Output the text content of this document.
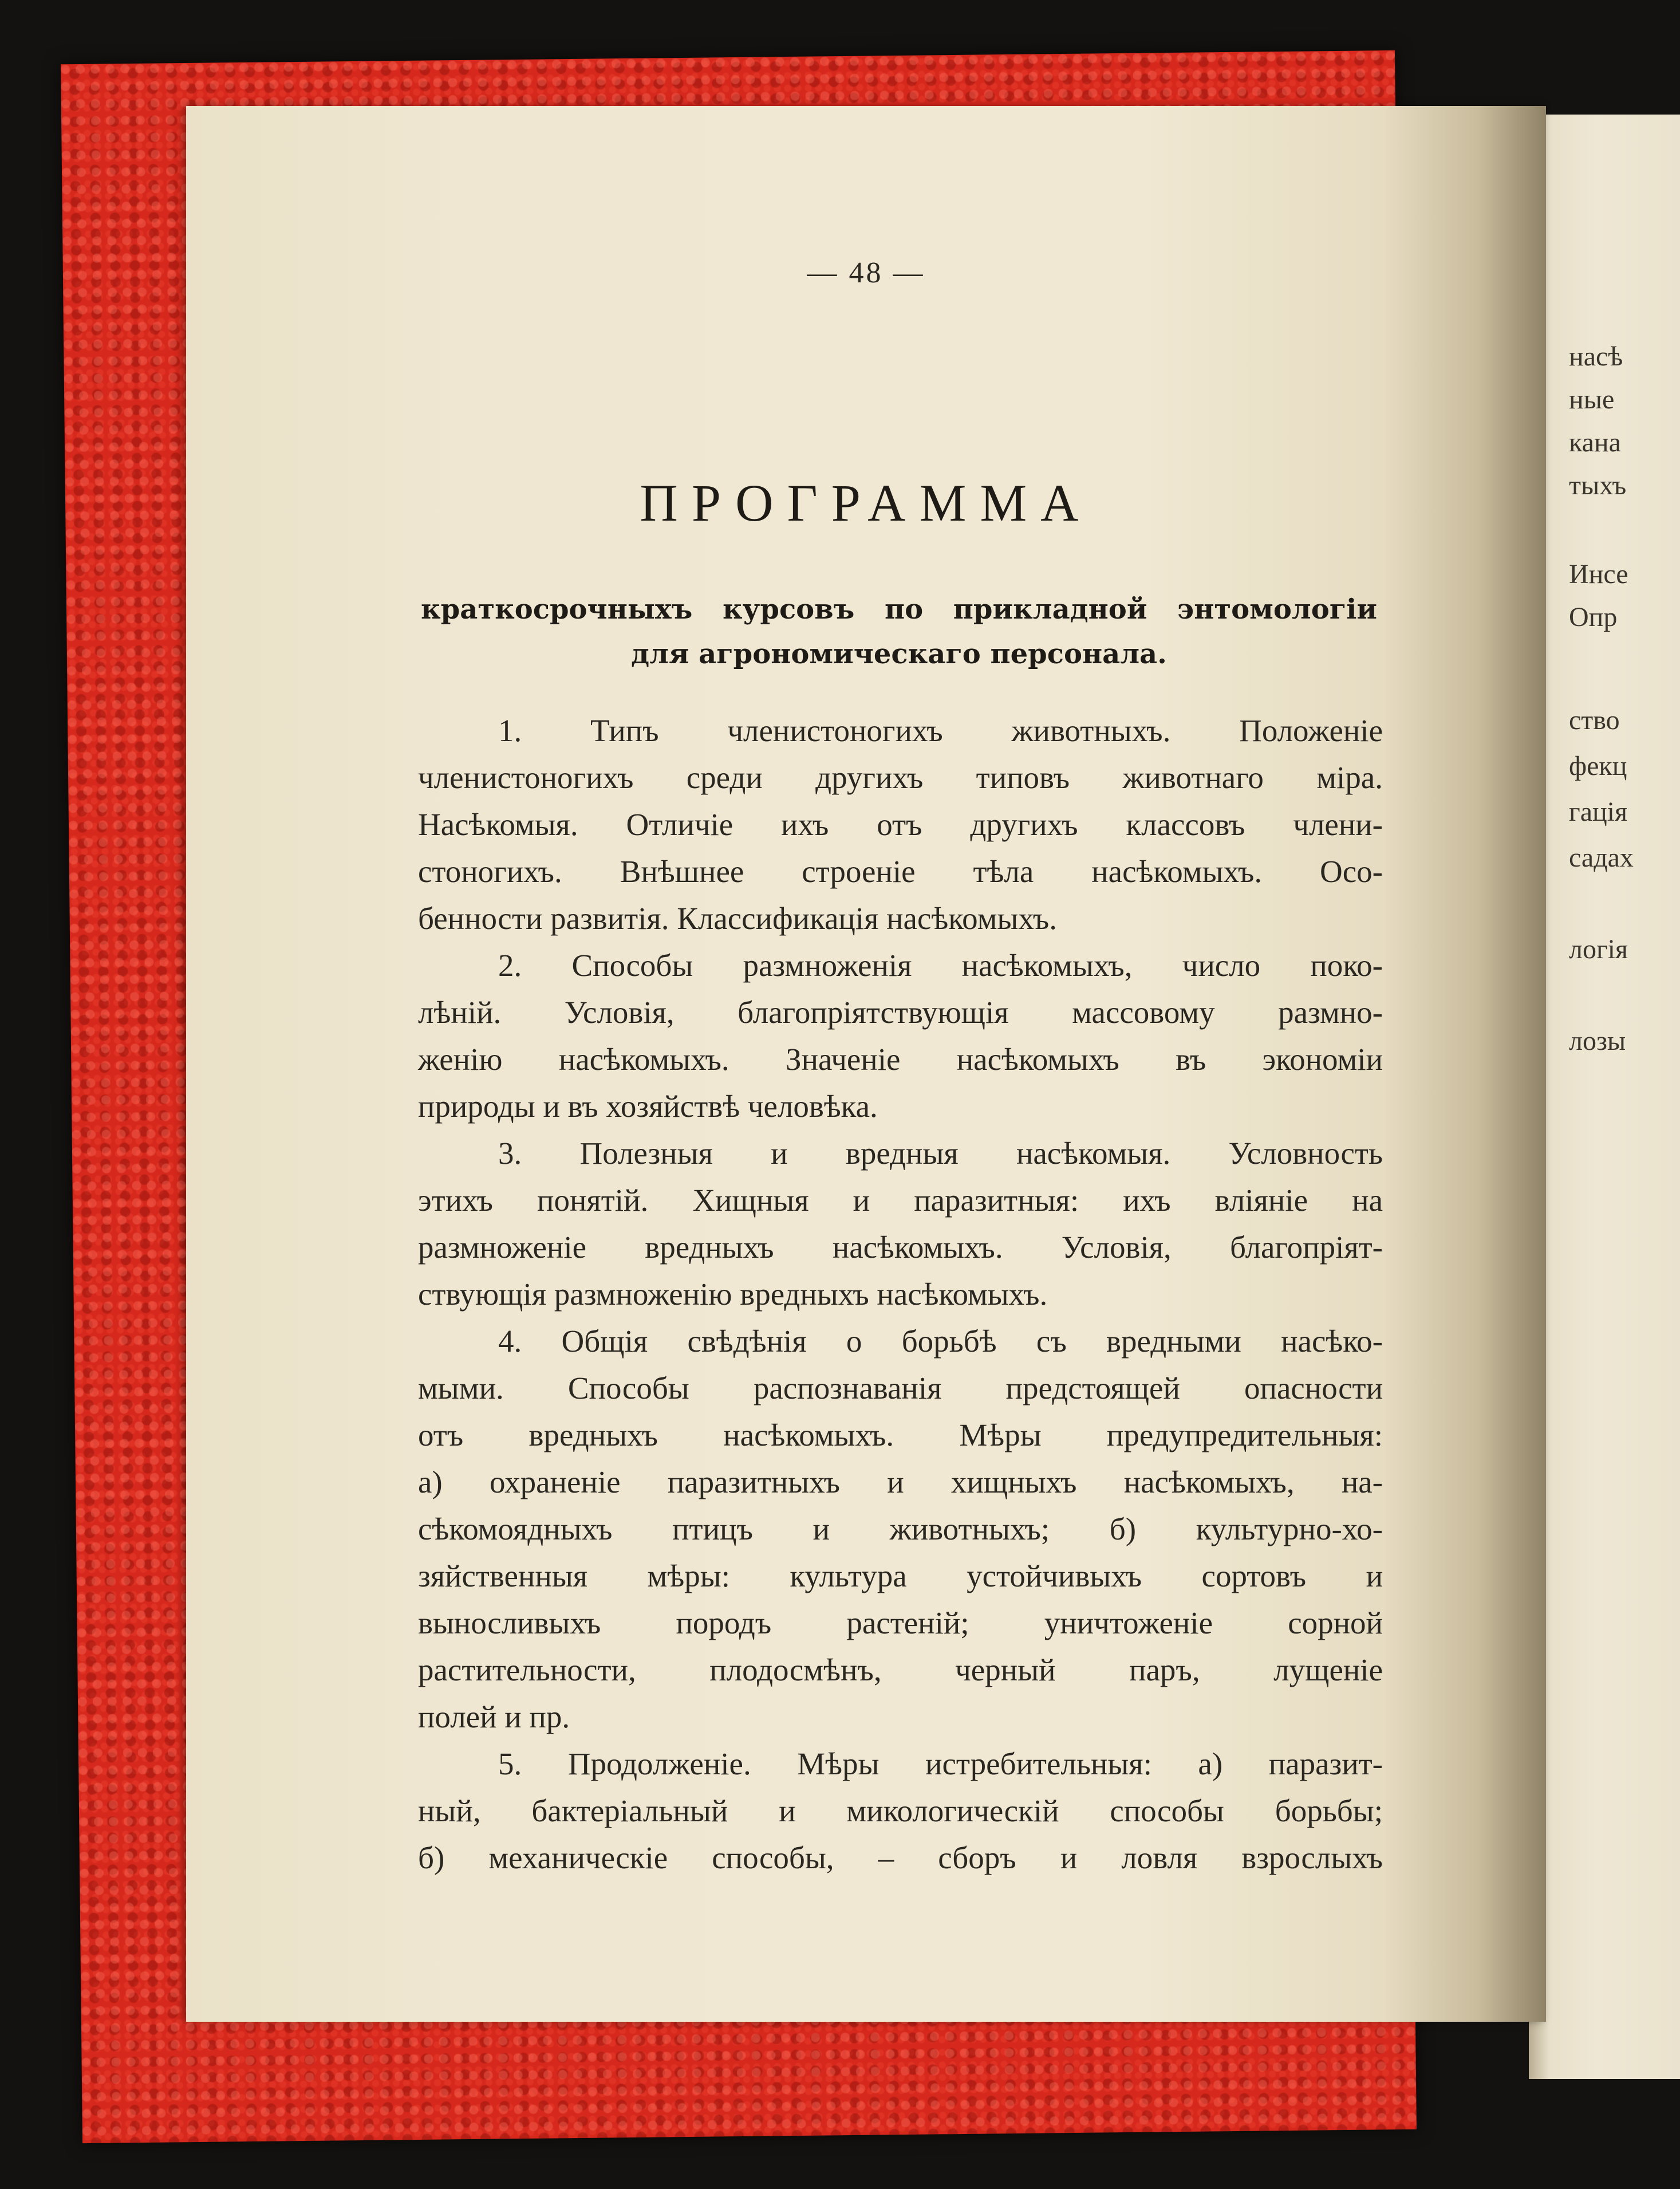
насѣ
ные
кана
тыхъ
Инсе
Опр
ство
фекц
гація
садах
логія
лозы
— 48 —
ПРОГРАММА
краткосрочныхъ курсовъ по прикладной энтомологіи
для агрономическаго персонала.
1. Типъ членистоногихъ животныхъ. Положеніе
членистоногихъ среди другихъ типовъ животнаго міра.
Насѣкомыя. Отличіе ихъ отъ другихъ классовъ члени-
стоногихъ. Внѣшнее строеніе тѣла насѣкомыхъ. Осо-
бенности развитія. Классификація насѣкомыхъ.
2. Способы размноженія насѣкомыхъ, число поко-
лѣній. Условія, благопріятствующія массовому размно-
женію насѣкомыхъ. Значеніе насѣкомыхъ въ экономіи
природы и въ хозяйствѣ человѣка.
3. Полезныя и вредныя насѣкомыя. Условность
этихъ понятій. Хищныя и паразитныя: ихъ вліяніе на
размноженіе вредныхъ насѣкомыхъ. Условія, благопріят-
ствующія размноженію вредныхъ насѣкомыхъ.
4. Общія свѣдѣнія о борьбѣ съ вредными насѣко-
мыми. Способы распознаванія предстоящей опасности
отъ вредныхъ насѣкомыхъ. Мѣры предупредительныя:
а) охраненіе паразитныхъ и хищныхъ насѣкомыхъ, на-
сѣкомоядныхъ птицъ и животныхъ; б) культурно-хо-
зяйственныя мѣры: культура устойчивыхъ сортовъ и
выносливыхъ породъ растеній; уничтоженіе сорной
растительности, плодосмѣнъ, черный паръ, лущеніе
полей и пр.
5. Продолженіе. Мѣры истребительныя: а) паразит-
ный, бактеріальный и микологическій способы борьбы;
б) механическіе способы, – сборъ и ловля взрослыхъ
